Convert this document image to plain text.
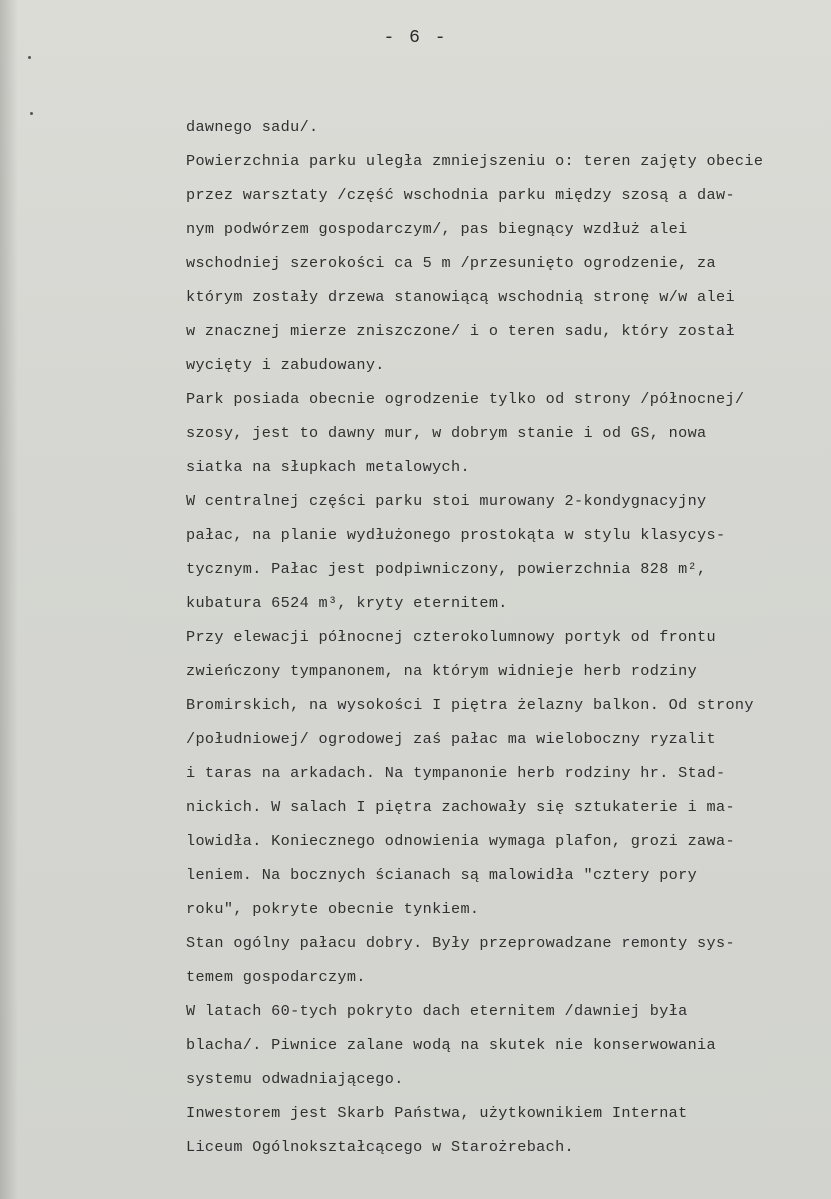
- 6 -
dawnego sadu/.
Powierzchnia parku uległa zmniejszeniu o: teren zajęty obecie
przez warsztaty /część wschodnia parku między szosą a daw-
nym podwórzem gospodarczym/, pas biegnący wzdłuż alei
wschodniej szerokości ca 5 m /przesunięto ogrodzenie, za
którym zostały drzewa stanowiącą wschodnią stronę w/w alei
w znacznej mierze zniszczone/ i o teren sadu, który został
wycięty i zabudowany.
Park posiada obecnie ogrodzenie tylko od strony /północnej/
szosy, jest to dawny mur, w dobrym stanie i od GS, nowa
siatka na słupkach metalowych.
W centralnej części parku stoi murowany 2-kondygnacyjny
pałac, na planie wydłużonego prostokąta w stylu klasycys-
tycznym. Pałac jest podpiwniczony, powierzchnia 828 m²,
kubatura 6524 m³, kryty eternitem.
Przy elewacji północnej czterokolumnowy portyk od frontu
zwieńczony tympanonem, na którym widnieje herb rodziny
Bromirskich, na wysokości I piętra żelazny balkon. Od strony
/południowej/ ogrodowej zaś pałac ma wieloboczny ryzalit
i taras na arkadach. Na tympanonie herb rodziny hr. Stad-
nickich. W salach I piętra zachowały się sztukaterie i ma-
lowidła. Koniecznego odnowienia wymaga plafon, grozi zawa-
leniem. Na bocznych ścianach są malowidła "cztery pory
roku", pokryte obecnie tynkiem.
Stan ogólny pałacu dobry. Były przeprowadzane remonty sys-
temem gospodarczym.
W latach 60-tych pokryto dach eternitem /dawniej była
blacha/. Piwnice zalane wodą na skutek nie konserwowania
systemu odwadniającego.
Inwestorem jest Skarb Państwa, użytkownikiem Internat
Liceum Ogólnokształcącego w Starożrebach.
